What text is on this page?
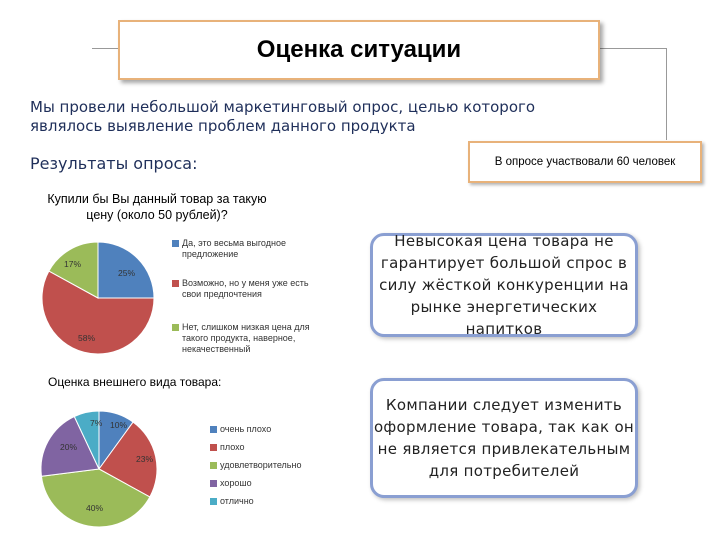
Оценка ситуации
Мы провели небольшой маркетинговый опрос, целью которого
являлось выявление проблем данного продукта
Результаты опроса:	В опросе участвовали 60 человек
Купили бы Вы данный товар за такую
цену (около 50 рублей)?
25%
58%
17%
Да, это весьма выгодное предложение
Возможно, но у меня уже есть свои предпочтения
Нет, слишком низкая цена для такого продукта, наверное, некачественный
Оценка внешнего вида товара:
10%
23%
40%
20%
7%
очень плохо
плохо
удовлетворительно
хорошо
отлично
Невысокая цена товара не гарантирует большой спрос в силу жёсткой конкуренции на рынке энергетических напитков
Компании следует изменить оформление товара, так как он не является привлекательным для потребителей
